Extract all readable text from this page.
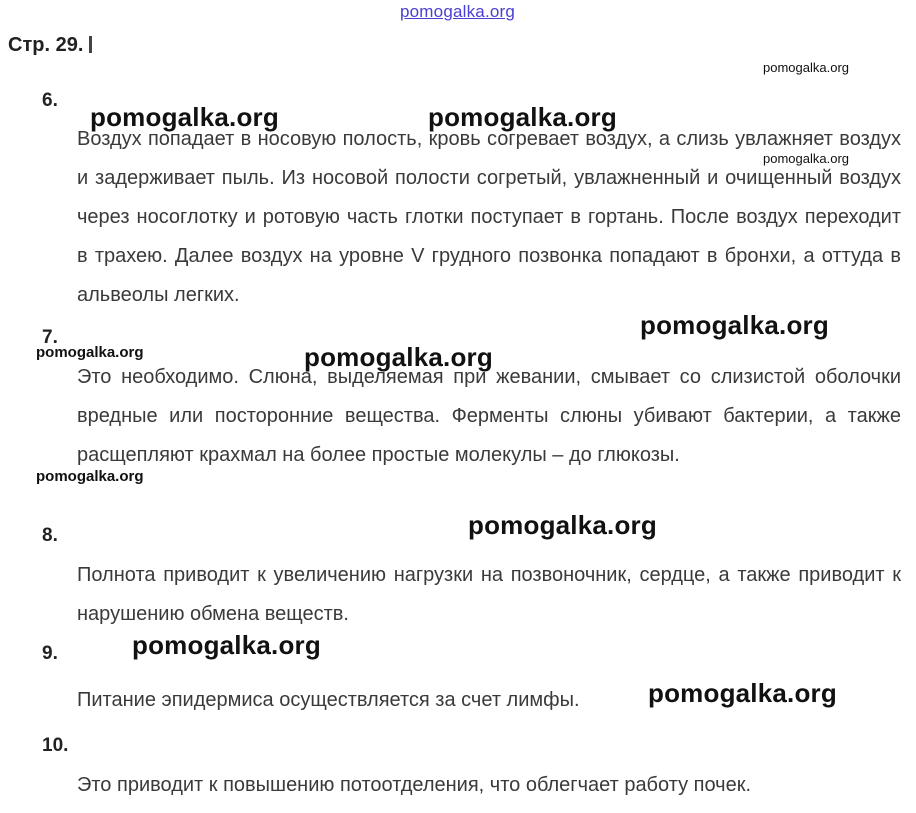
pomogalka.org
Стр. 29.
6.
7.
8.
9.
10.
Воздух попадает в носовую полость, кровь согревает воздух, а слизь увлажняет воздух и задерживает пыль. Из носовой полости согретый, увлажненный и очищенный воздух через носоглотку и ротовую часть глотки поступает в гортань. После воздух переходит в трахею. Далее воздух на уровне V грудного позвонка попадают в бронхи, а оттуда в альвеолы легких.
Это необходимо. Слюна, выделяемая при жевании, смывает со слизистой оболочки вредные или посторонние вещества. Ферменты слюны убивают бактерии, а также расщепляют крахмал на более простые молекулы – до глюкозы.
Полнота приводит к увеличению нагрузки на позвоночник, сердце, а также приводит к нарушению обмена веществ.
Питание эпидермиса осуществляется за счет лимфы.
Это приводит к повышению потоотделения, что облегчает работу почек.
pomogalka.org
pomogalka.org	pomogalka.org
pomogalka.org
pomogalka.org
pomogalka.org	pomogalka.org
pomogalka.org
pomogalka.org
pomogalka.org
pomogalka.org
